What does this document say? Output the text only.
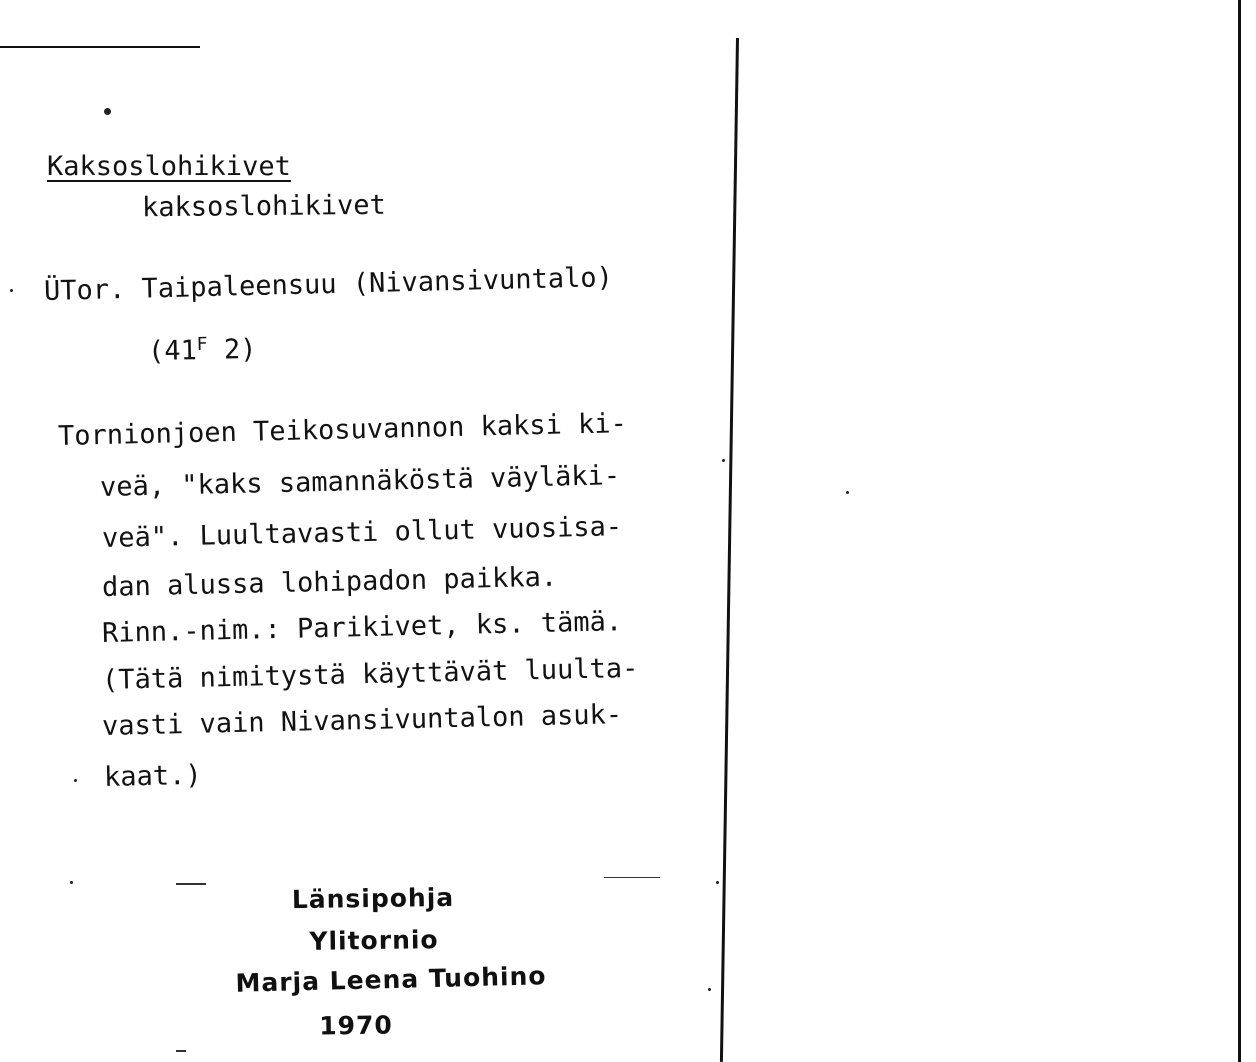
Kaksoslohikivet
kaksoslohikivet
ÜTor. Taipaleensuu (Nivansivuntalo)
($41^F$ 2)
Tornionjoen Teikosuvannon kaksi ki-
veä, "kaks samannäköstä väyläki-
veä". Luultavasti ollut vuosisa-
dan alussa lohipadon paikka.
Rinn.-nim.: Parikivet, ks. tämä.
(Tätä nimitystä käyttävät luulta-
vasti vain Nivansivuntalon asuk-
kaat.)
Länsipohja
Ylitornio
Marja Leena Tuohino
1970
